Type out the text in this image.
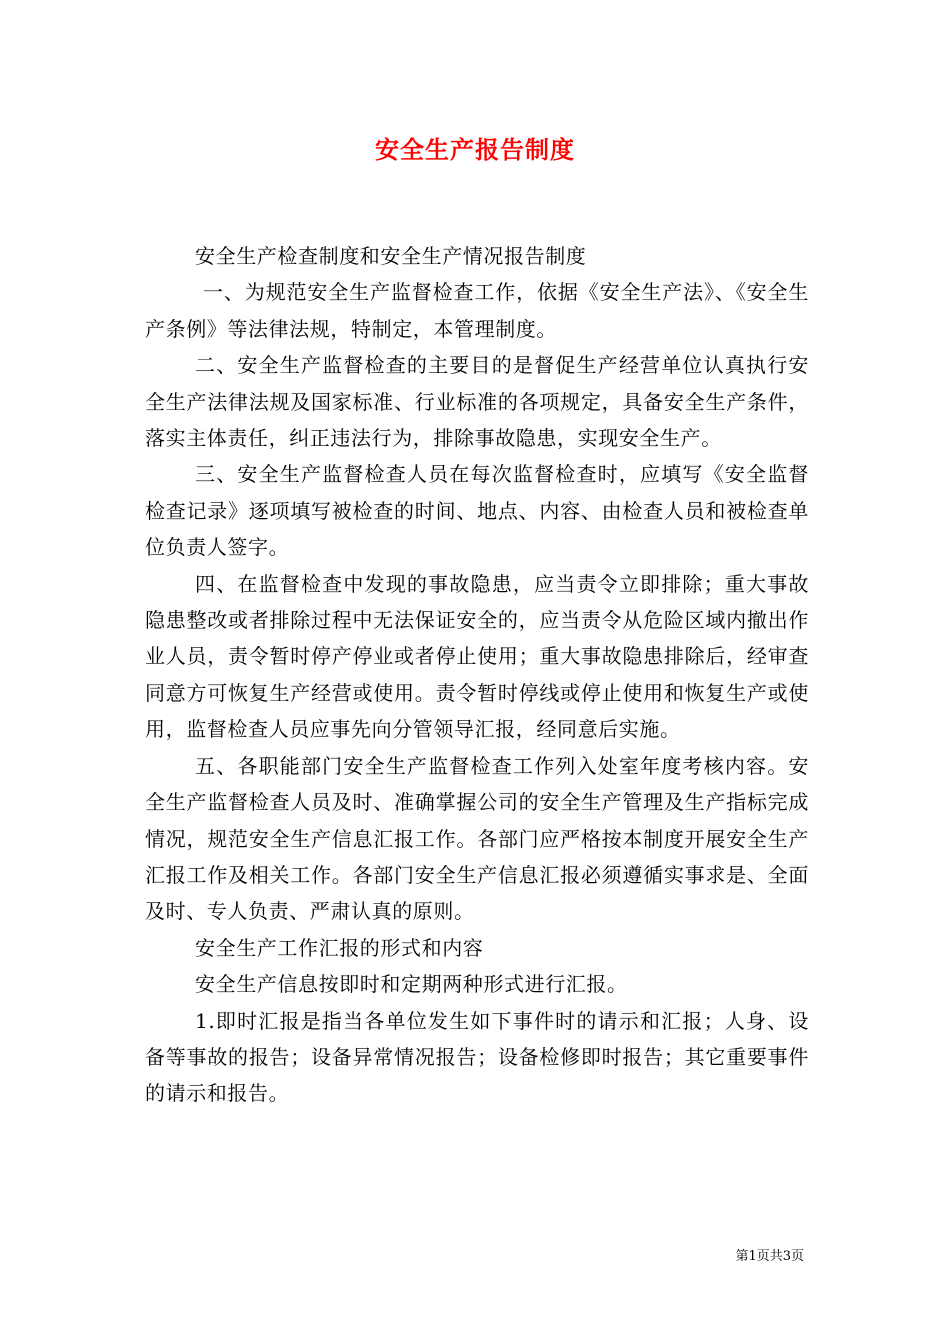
安全生产报告制度

安全生产检查制度和安全生产情况报告制度

一、为规范安全生产监督检查工作，依据《安全生产法》、《安全生产条例》等法律法规，特制定，本管理制度。

二、安全生产监督检查的主要目的是督促生产经营单位认真执行安全生产法律法规及国家标准、行业标准的各项规定，具备安全生产条件，落实主体责任，纠正违法行为，排除事故隐患，实现安全生产。

三、安全生产监督检查人员在每次监督检查时，应填写《安全监督检查记录》逐项填写被检查的时间、地点、内容、由检查人员和被检查单位负责人签字。

四、在监督检查中发现的事故隐患，应当责令立即排除；重大事故隐患整改或者排除过程中无法保证安全的，应当责令从危险区域内撤出作业人员，责令暂时停产停业或者停止使用；重大事故隐患排除后，经审查同意方可恢复生产经营或使用。责令暂时停线或停止使用和恢复生产或使用，监督检查人员应事先向分管领导汇报，经同意后实施。

五、各职能部门安全生产监督检查工作列入处室年度考核内容。安全生产监督检查人员及时、准确掌握公司的安全生产管理及生产指标完成情况，规范安全生产信息汇报工作。各部门应严格按本制度开展安全生产汇报工作及相关工作。各部门安全生产信息汇报必须遵循实事求是、全面及时、专人负责、严肃认真的原则。

安全生产工作汇报的形式和内容

安全生产信息按即时和定期两种形式进行汇报。

1.即时汇报是指当各单位发生如下事件时的请示和汇报；人身、设备等事故的报告；设备异常情况报告；设备检修即时报告；其它重要事件的请示和报告。

第1页共3页
